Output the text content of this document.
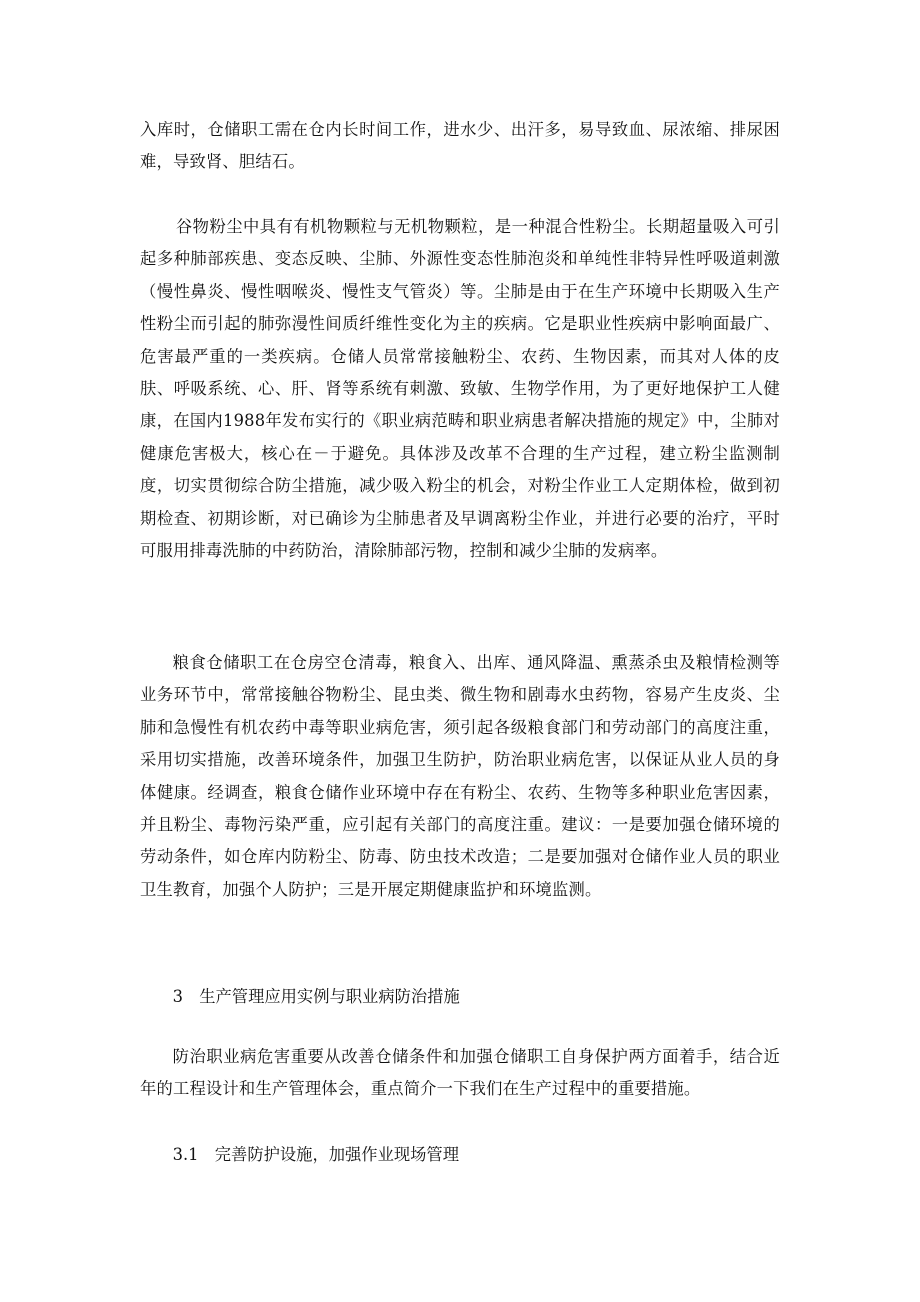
入库时，仓储职工需在仓内长时间工作，进水少、出汗多，易导致血、尿浓缩、排尿困难，导致肾、胆结石。

谷物粉尘中具有有机物颗粒与无机物颗粒，是一种混合性粉尘。长期超量吸入可引起多种肺部疾患、变态反映、尘肺、外源性变态性肺泡炎和单纯性非特异性呼吸道刺激（慢性鼻炎、慢性咽喉炎、慢性支气管炎）等。尘肺是由于在生产环境中长期吸入生产性粉尘而引起的肺弥漫性间质纤维性变化为主的疾病。它是职业性疾病中影响面最广、危害最严重的一类疾病。仓储人员常常接触粉尘、农药、生物因素，而其对人体的皮肤、呼吸系统、心、肝、肾等系统有刺激、致敏、生物学作用，为了更好地保护工人健康，在国内1988年发布实行的《职业病范畴和职业病患者解决措施的规定》中，尘肺对健康危害极大，核心在－于避免。具体涉及改革不合理的生产过程，建立粉尘监测制度，切实贯彻综合防尘措施，减少吸入粉尘的机会，对粉尘作业工人定期体检，做到初期检查、初期诊断，对已确诊为尘肺患者及早调离粉尘作业，并进行必要的治疗，平时可服用排毒洗肺的中药防治，清除肺部污物，控制和减少尘肺的发病率。

粮食仓储职工在仓房空仓清毒，粮食入、出库、通风降温、熏蒸杀虫及粮情检测等业务环节中，常常接触谷物粉尘、昆虫类、微生物和剧毒水虫药物，容易产生皮炎、尘肺和急慢性有机农药中毒等职业病危害，须引起各级粮食部门和劳动部门的高度注重，采用切实措施，改善环境条件，加强卫生防护，防治职业病危害，以保证从业人员的身体健康。经调查，粮食仓储作业环境中存在有粉尘、农药、生物等多种职业危害因素，并且粉尘、毒物污染严重，应引起有关部门的高度注重。建议：一是要加强仓储环境的劳动条件，如仓库内防粉尘、防毒、防虫技术改造；二是要加强对仓储作业人员的职业卫生教育，加强个人防护；三是开展定期健康监护和环境监测。

3　生产管理应用实例与职业病防治措施

防治职业病危害重要从改善仓储条件和加强仓储职工自身保护两方面着手，结合近年的工程设计和生产管理体会，重点简介一下我们在生产过程中的重要措施。

3.1　完善防护设施，加强作业现场管理
